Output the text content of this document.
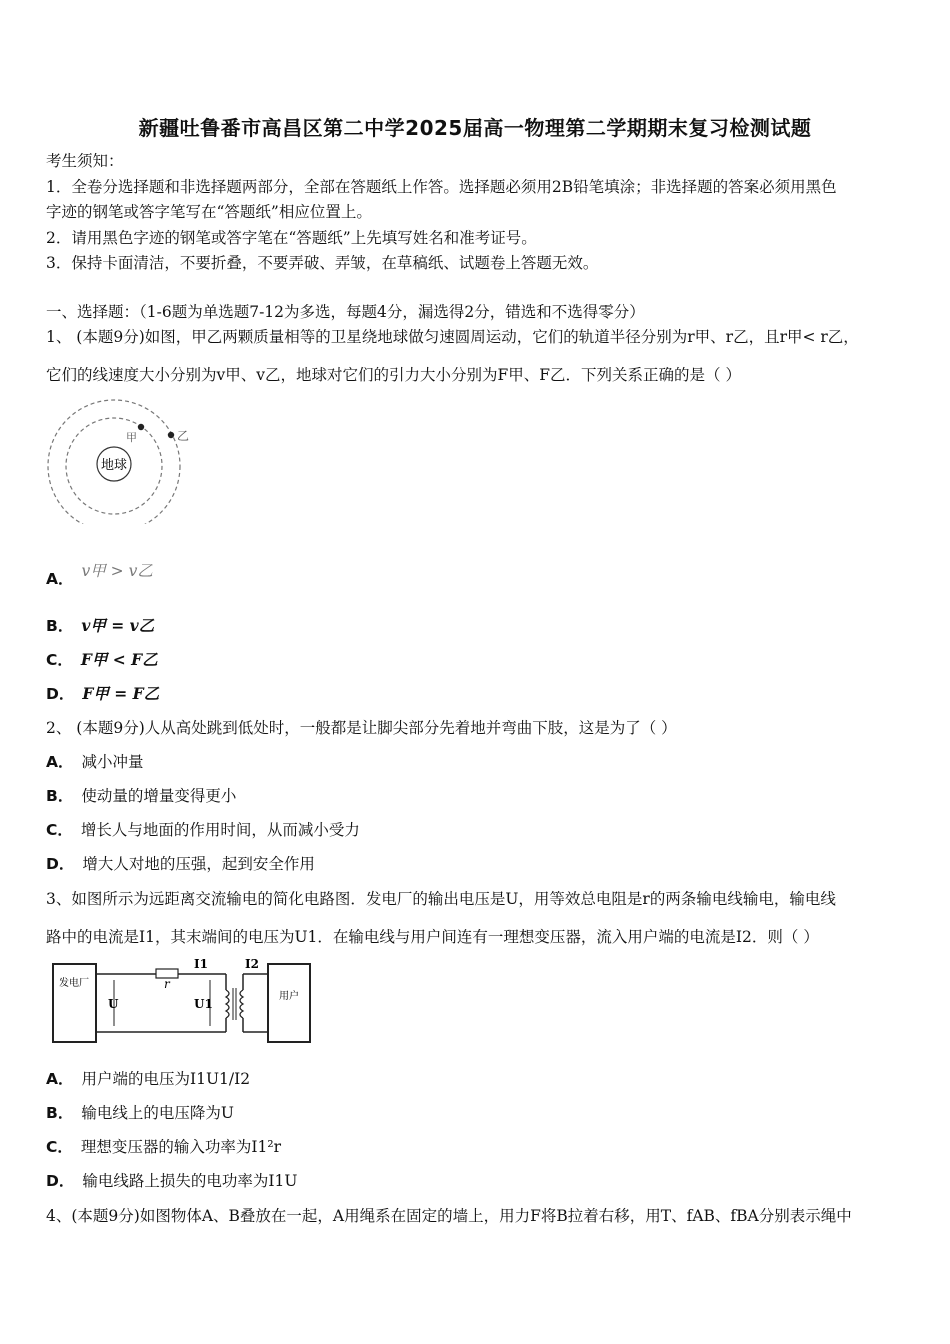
新疆吐鲁番市高昌区第二中学2025届高一物理第二学期期末复习检测试题
考生须知：
1．全卷分选择题和非选择题两部分，全部在答题纸上作答。选择题必须用2B铅笔填涂；非选择题的答案必须用黑色
字迹的钢笔或答字笔写在“答题纸”相应位置上。
2．请用黑色字迹的钢笔或答字笔在“答题纸”上先填写姓名和准考证号。
3．保持卡面清洁，不要折叠，不要弄破、弄皱，在草稿纸、试题卷上答题无效。
一、选择题：（1-6题为单选题7-12为多选，每题4分，漏选得2分，错选和不选得零分）
1、 (本题9分)如图，甲乙两颗质量相等的卫星绕地球做匀速圆周运动，它们的轨道半径分别为r甲、r乙，且r甲< r乙，
它们的线速度大小分别为v甲、v乙，地球对它们的引力大小分别为F甲、F乙．下列关系正确的是（ ）
地球
甲	乙
A． v甲 > v乙
B． v甲 = v乙
C． F甲 < F乙
D． F甲 = F乙
2、 (本题9分)人从高处跳到低处时，一般都是让脚尖部分先着地并弯曲下肢，这是为了（ ）
A． 减小冲量
B． 使动量的增量变得更小
C． 增长人与地面的作用时间，从而减小受力
D． 增大人对地的压强，起到安全作用
3、如图所示为远距离交流输电的简化电路图．发电厂的输出电压是U，用等效总电阻是r的两条输电线输电，输电线
路中的电流是I1，其末端间的电压为U1．在输电线与用户间连有一理想变压器，流入用户端的电流是I2．则（ ）
发电厂	r
用户
U	U1
I1	I2
A． 用户端的电压为I1U1/I2
B． 输电线上的电压降为U
C． 理想变压器的输入功率为I1²r
D． 输电线路上损失的电功率为I1U
4、(本题9分)如图物体A、B叠放在一起，A用绳系在固定的墙上，用力F将B拉着右移，用T、fAB、fBA分别表示绳中
